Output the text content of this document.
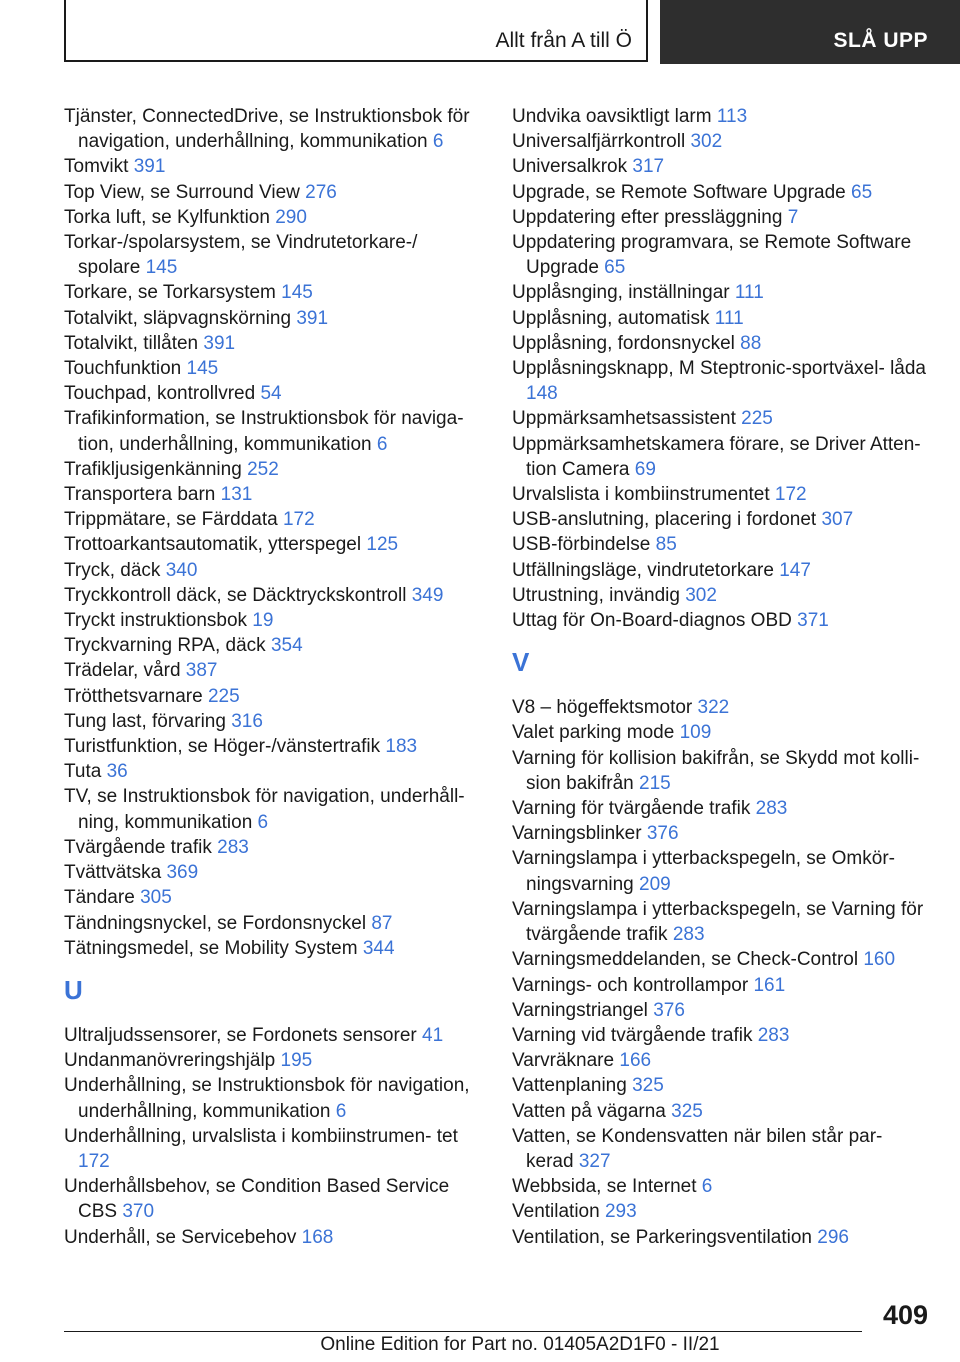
Allt från A till Ö	SLÅ UPP

Tjänster, ConnectedDrive, se Instruktionsbok för navigation, underhållning, kommunikation 6

Tomvikt 391

Top View, se Surround View 276

Torka luft, se Kylfunktion 290

Torkar-/spolarsystem, se Vindrutetorkare-/ spolare 145

Torkare, se Torkarsystem 145

Totalvikt, släpvagnskörning 391

Totalvikt, tillåten 391

Touchfunktion 145

Touchpad, kontrollvred 54

Trafikinformation, se Instruktionsbok för naviga- tion, underhållning, kommunikation 6

Trafikljusigenkänning 252

Transportera barn 131

Trippmätare, se Färddata 172

Trottoarkantsautomatik, ytterspegel 125

Tryck, däck 340

Tryckkontroll däck, se Däcktryckskontroll 349

Tryckt instruktionsbok 19

Tryckvarning RPA, däck 354

Trädelar, vård 387

Trötthetsvarnare 225

Tung last, förvaring 316

Turistfunktion, se Höger-/vänstertrafik 183

Tuta 36

TV, se Instruktionsbok för navigation, underhåll- ning, kommunikation 6

Tvärgående trafik 283

Tvättvätska 369

Tändare 305

Tändningsnyckel, se Fordonsnyckel 87

Tätningsmedel, se Mobility System 344

U

Ultraljudssensorer, se Fordonets sensorer 41

Undanmanövreringshjälp 195

Underhållning, se Instruktionsbok för navigation, underhållning, kommunikation 6

Underhållning, urvalslista i kombiinstrumen- tet 172

Underhållsbehov, se Condition Based Service CBS 370

Underhåll, se Servicebehov 168

Undvika oavsiktligt larm 113

Universalfjärrkontroll 302

Universalkrok 317

Upgrade, se Remote Software Upgrade 65

Uppdatering efter pressläggning 7

Uppdatering programvara, se Remote Software Upgrade 65

Upplåsnging, inställningar 111

Upplåsning, automatisk 111

Upplåsning, fordonsnyckel 88

Upplåsningsknapp, M Steptronic-sportväxel- låda 148

Uppmärksamhetsassistent 225

Uppmärksamhetskamera förare, se Driver Atten- tion Camera 69

Urvalslista i kombiinstrumentet 172

USB-anslutning, placering i fordonet 307

USB-förbindelse 85

Utfällningsläge, vindrutetorkare 147

Utrustning, invändig 302

Uttag för On-Board-diagnos OBD 371

V

V8 – högeffektsmotor 322

Valet parking mode 109

Varning för kollision bakifrån, se Skydd mot kolli- sion bakifrån 215

Varning för tvärgående trafik 283

Varningsblinker 376

Varningslampa i ytterbackspegeln, se Omkör- ningsvarning 209

Varningslampa i ytterbackspegeln, se Varning för tvärgående trafik 283

Varningsmeddelanden, se Check-Control 160

Varnings- och kontrollampor 161

Varningstriangel 376

Varning vid tvärgående trafik 283

Varvräknare 166

Vattenplaning 325

Vatten på vägarna 325

Vatten, se Kondensvatten när bilen står par- kerad 327

Webbsida, se Internet 6

Ventilation 293

Ventilation, se Parkeringsventilation 296

409
Online Edition for Part no. 01405A2D1F0 - II/21
